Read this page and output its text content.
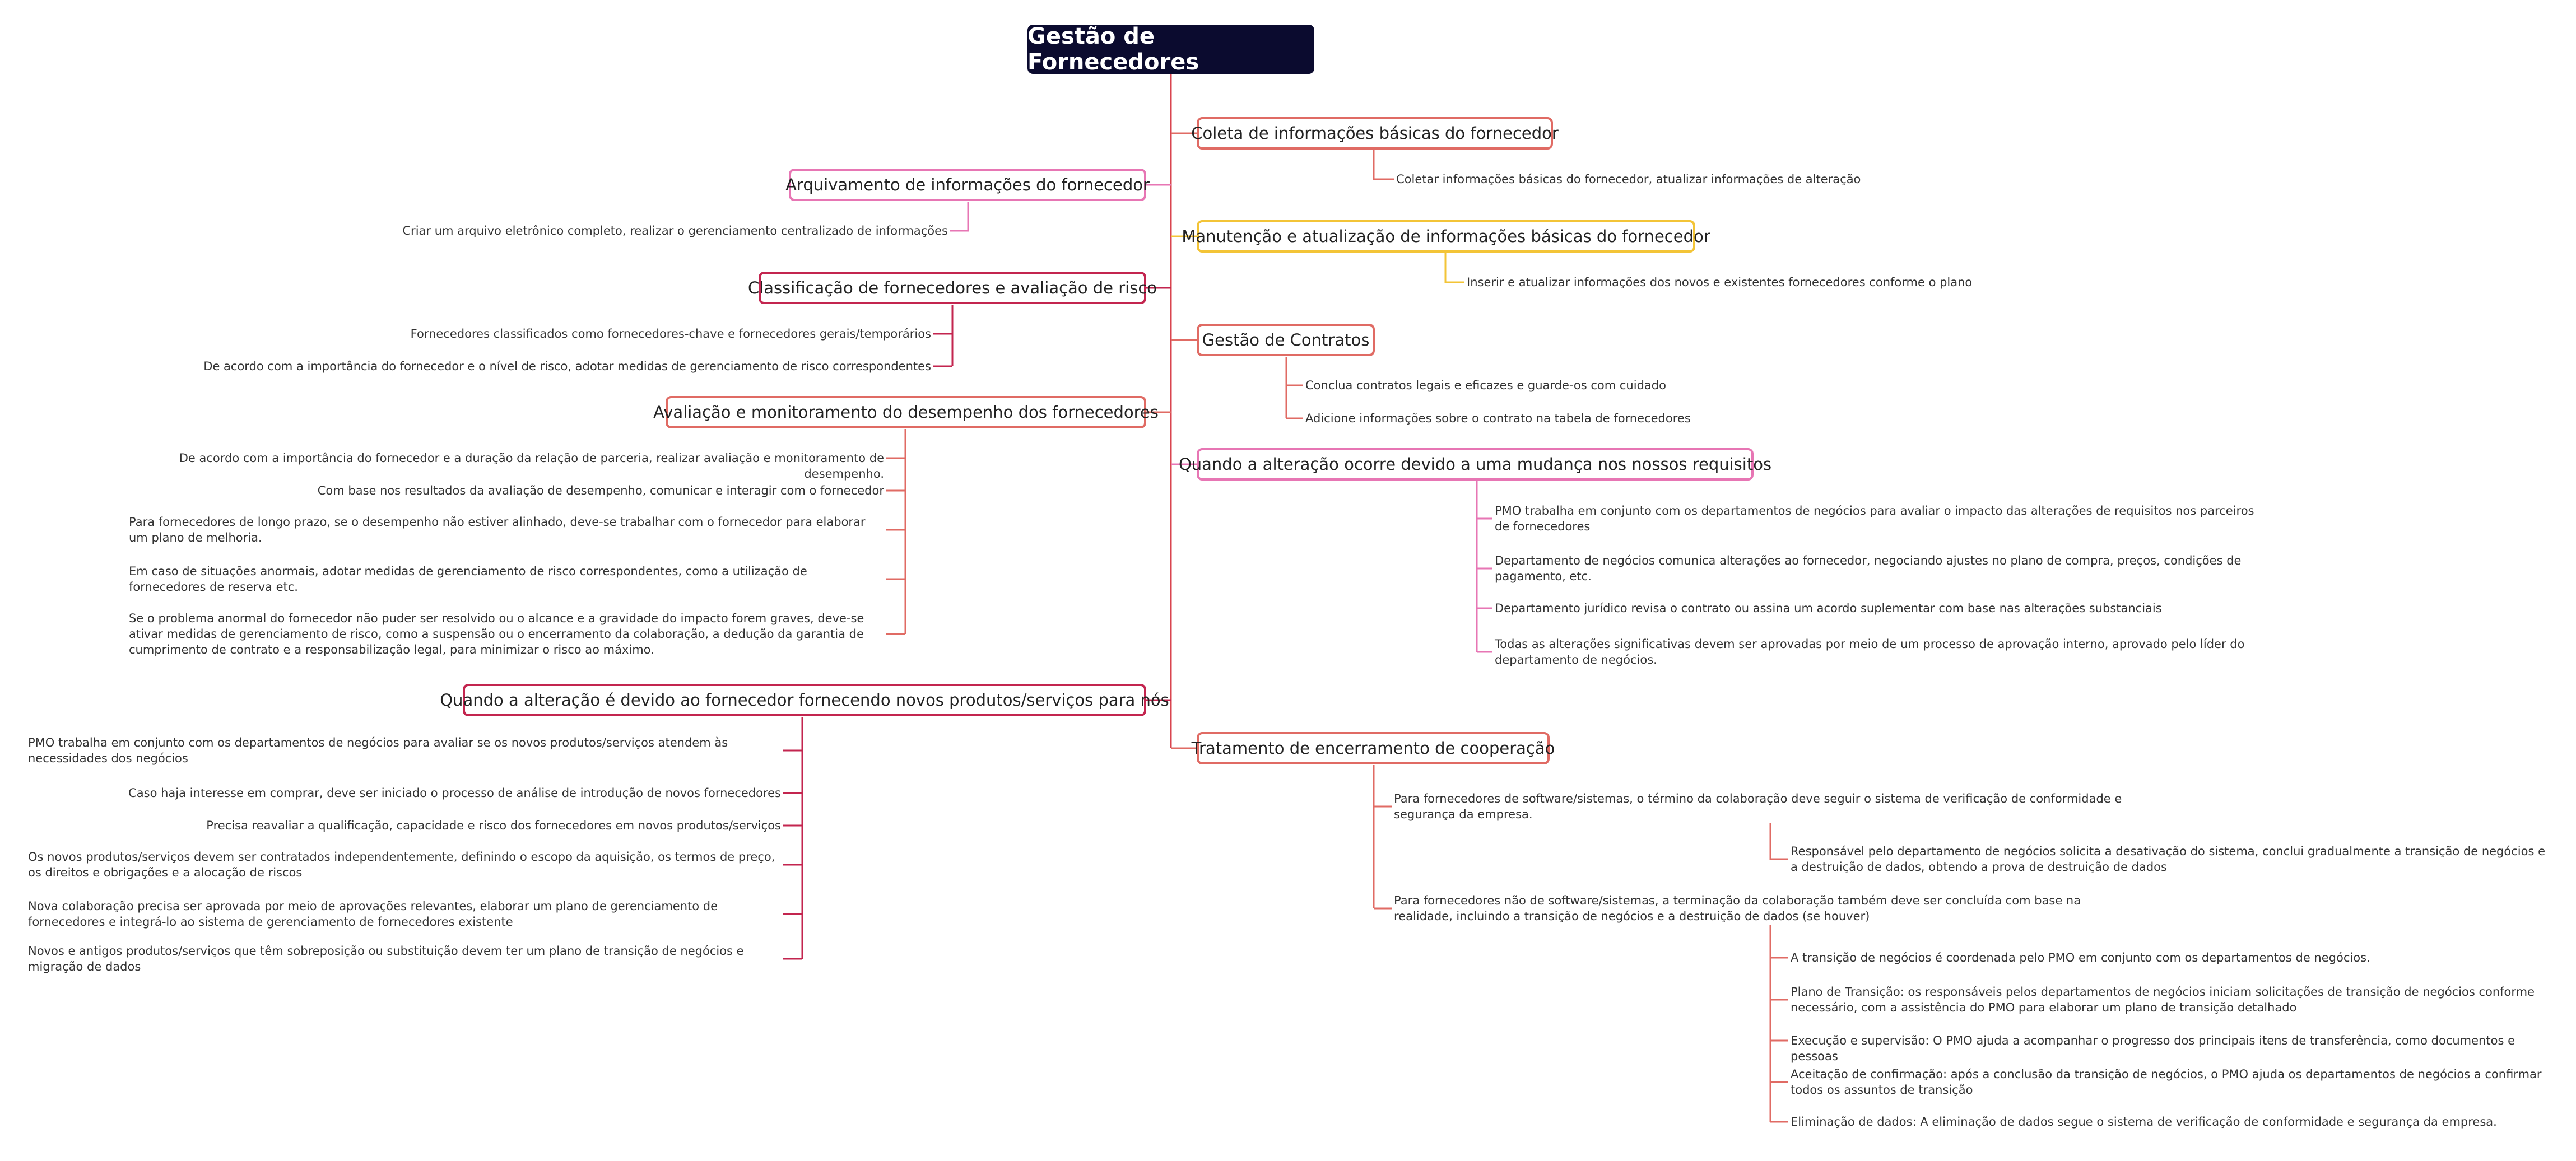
Gestão de Fornecedores
Coleta de informações básicas do fornecedor
Manutenção e atualização de informações básicas do fornecedor
Gestão de Contratos
Quando a alteração ocorre devido a uma mudança nos nossos requisitos
Tratamento de encerramento de cooperação
Arquivamento de informações do fornecedor
Classificação de fornecedores e avaliação de risco
Avaliação e monitoramento do desempenho dos fornecedores
Quando a alteração é devido ao fornecedor fornecendo novos produtos/serviços para nós
Coletar informações básicas do fornecedor, atualizar informações de alteração
Inserir e atualizar informações dos novos e existentes fornecedores conforme o plano
Conclua contratos legais e eficazes e guarde-os com cuidado
Adicione informações sobre o contrato na tabela de fornecedores
PMO trabalha em conjunto com os departamentos de negócios para avaliar o impacto das alterações de requisitos nos parceiros de fornecedores
Departamento de negócios comunica alterações ao fornecedor, negociando ajustes no plano de compra, preços, condições de pagamento, etc.
Departamento jurídico revisa o contrato ou assina um acordo suplementar com base nas alterações substanciais
Todas as alterações significativas devem ser aprovadas por meio de um processo de aprovação interno, aprovado pelo líder do departamento de negócios.
Para fornecedores de software/sistemas, o término da colaboração deve seguir o sistema de verificação de conformidade e segurança da empresa.
Responsável pelo departamento de negócios solicita a desativação do sistema, conclui gradualmente a transição de negócios e a destruição de dados, obtendo a prova de destruição de dados
Para fornecedores não de software/sistemas, a terminação da colaboração também deve ser concluída com base na realidade, incluindo a transição de negócios e a destruição de dados (se houver)
A transição de negócios é coordenada pelo PMO em conjunto com os departamentos de negócios.
Plano de Transição: os responsáveis pelos departamentos de negócios iniciam solicitações de transição de negócios conforme necessário, com a assistência do PMO para elaborar um plano de transição detalhado
Execução e supervisão: O PMO ajuda a acompanhar o progresso dos principais itens de transferência, como documentos e pessoas
Aceitação de confirmação: após a conclusão da transição de negócios, o PMO ajuda os departamentos de negócios a confirmar todos os assuntos de transição
Eliminação de dados: A eliminação de dados segue o sistema de verificação de conformidade e segurança da empresa.
Criar um arquivo eletrônico completo, realizar o gerenciamento centralizado de informações
Fornecedores classificados como fornecedores-chave e fornecedores gerais/temporários
De acordo com a importância do fornecedor e o nível de risco, adotar medidas de gerenciamento de risco correspondentes
De acordo com a importância do fornecedor e a duração da relação de parceria, realizar avaliação e monitoramento de desempenho.
Com base nos resultados da avaliação de desempenho, comunicar e interagir com o fornecedor
Para fornecedores de longo prazo, se o desempenho não estiver alinhado, deve-se trabalhar com o fornecedor para elaborar um plano de melhoria.
Em caso de situações anormais, adotar medidas de gerenciamento de risco correspondentes, como a utilização de fornecedores de reserva etc.
Se o problema anormal do fornecedor não puder ser resolvido ou o alcance e a gravidade do impacto forem graves, deve-se ativar medidas de gerenciamento de risco, como a suspensão ou o encerramento da colaboração, a dedução da garantia de cumprimento de contrato e a responsabilização legal, para minimizar o risco ao máximo.
PMO trabalha em conjunto com os departamentos de negócios para avaliar se os novos produtos/serviços atendem às necessidades dos negócios
Caso haja interesse em comprar, deve ser iniciado o processo de análise de introdução de novos fornecedores
Precisa reavaliar a qualificação, capacidade e risco dos fornecedores em novos produtos/serviços
Os novos produtos/serviços devem ser contratados independentemente, definindo o escopo da aquisição, os termos de preço, os direitos e obrigações e a alocação de riscos
Nova colaboração precisa ser aprovada por meio de aprovações relevantes, elaborar um plano de gerenciamento de fornecedores e integrá-lo ao sistema de gerenciamento de fornecedores existente
Novos e antigos produtos/serviços que têm sobreposição ou substituição devem ter um plano de transição de negócios e migração de dados
